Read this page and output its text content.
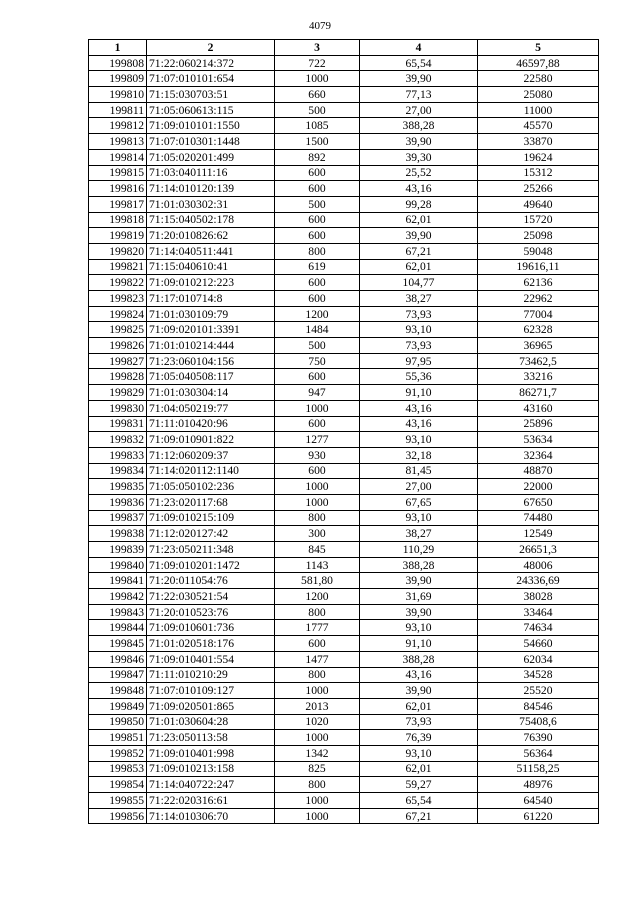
4079
1	2	3	4	5
199808	71:22:060214:372	722	65,54	46597,88
199809	71:07:010101:654	1000	39,90	22580
199810	71:15:030703:51	660	77,13	25080
199811	71:05:060613:115	500	27,00	11000
199812	71:09:010101:1550	1085	388,28	45570
199813	71:07:010301:1448	1500	39,90	33870
199814	71:05:020201:499	892	39,30	19624
199815	71:03:040111:16	600	25,52	15312
199816	71:14:010120:139	600	43,16	25266
199817	71:01:030302:31	500	99,28	49640
199818	71:15:040502:178	600	62,01	15720
199819	71:20:010826:62	600	39,90	25098
199820	71:14:040511:441	800	67,21	59048
199821	71:15:040610:41	619	62,01	19616,11
199822	71:09:010212:223	600	104,77	62136
199823	71:17:010714:8	600	38,27	22962
199824	71:01:030109:79	1200	73,93	77004
199825	71:09:020101:3391	1484	93,10	62328
199826	71:01:010214:444	500	73,93	36965
199827	71:23:060104:156	750	97,95	73462,5
199828	71:05:040508:117	600	55,36	33216
199829	71:01:030304:14	947	91,10	86271,7
199830	71:04:050219:77	1000	43,16	43160
199831	71:11:010420:96	600	43,16	25896
199832	71:09:010901:822	1277	93,10	53634
199833	71:12:060209:37	930	32,18	32364
199834	71:14:020112:1140	600	81,45	48870
199835	71:05:050102:236	1000	27,00	22000
199836	71:23:020117:68	1000	67,65	67650
199837	71:09:010215:109	800	93,10	74480
199838	71:12:020127:42	300	38,27	12549
199839	71:23:050211:348	845	110,29	26651,3
199840	71:09:010201:1472	1143	388,28	48006
199841	71:20:011054:76	581,80	39,90	24336,69
199842	71:22:030521:54	1200	31,69	38028
199843	71:20:010523:76	800	39,90	33464
199844	71:09:010601:736	1777	93,10	74634
199845	71:01:020518:176	600	91,10	54660
199846	71:09:010401:554	1477	388,28	62034
199847	71:11:010210:29	800	43,16	34528
199848	71:07:010109:127	1000	39,90	25520
199849	71:09:020501:865	2013	62,01	84546
199850	71:01:030604:28	1020	73,93	75408,6
199851	71:23:050113:58	1000	76,39	76390
199852	71:09:010401:998	1342	93,10	56364
199853	71:09:010213:158	825	62,01	51158,25
199854	71:14:040722:247	800	59,27	48976
199855	71:22:020316:61	1000	65,54	64540
199856	71:14:010306:70	1000	67,21	61220
